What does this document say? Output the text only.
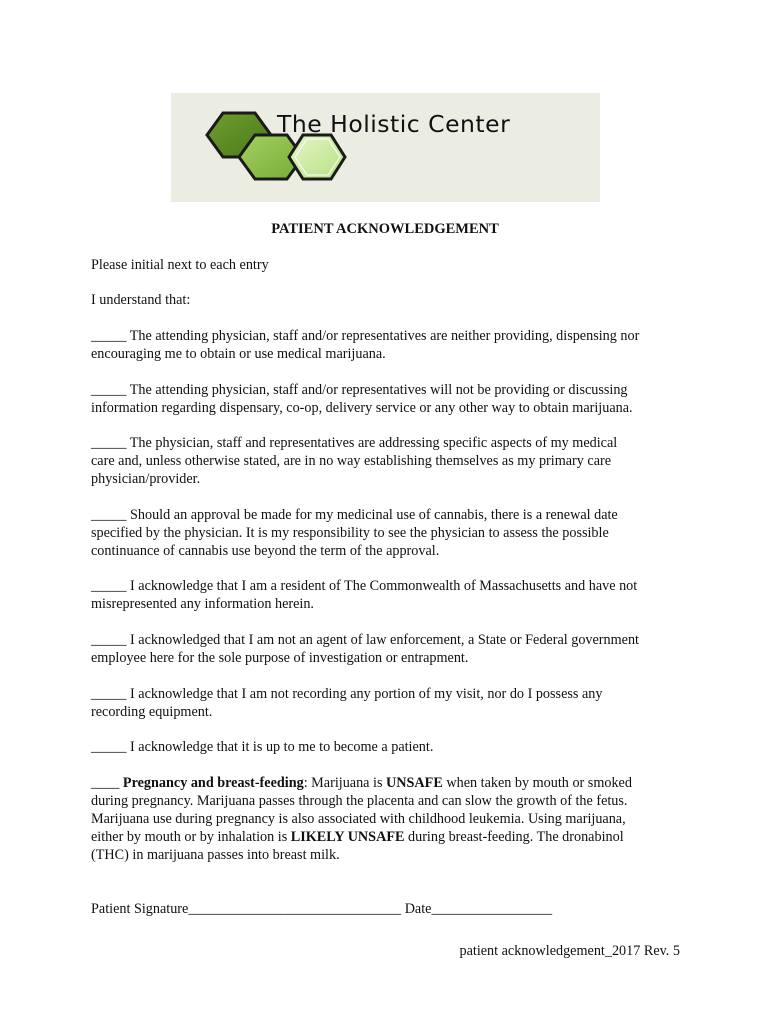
The Holistic Center
PATIENT ACKNOWLEDGEMENT
Please initial next to each entry
I understand that:
_____ The attending physician, staff and/or representatives are neither providing, dispensing nor
encouraging me to obtain or use medical marijuana.
_____ The attending physician, staff and/or representatives will not be providing or discussing
information regarding dispensary, co-op, delivery service or any other way to obtain marijuana.
_____ The physician, staff and representatives are addressing specific aspects of my medical
care and, unless otherwise stated, are in no way establishing themselves as my primary care
physician/provider.
_____ Should an approval be made for my medicinal use of cannabis, there is a renewal date
specified by the physician. It is my responsibility to see the physician to assess the possible
continuance of cannabis use beyond the term of the approval.
_____ I acknowledge that I am a resident of The Commonwealth of Massachusetts and have not
misrepresented any information herein.
_____ I acknowledged that I am not an agent of law enforcement, a State or Federal government
employee here for the sole purpose of investigation or entrapment.
_____ I acknowledge that I am not recording any portion of my visit, nor do I possess any
recording equipment.
_____ I acknowledge that it is up to me to become a patient.
____ Pregnancy and breast-feeding: Marijuana is UNSAFE when taken by mouth or smoked
during pregnancy. Marijuana passes through the placenta and can slow the growth of the fetus.
Marijuana use during pregnancy is also associated with childhood leukemia. Using marijuana,
either by mouth or by inhalation is LIKELY UNSAFE during breast-feeding. The dronabinol
(THC) in marijuana passes into breast milk.
Patient Signature______________________________ Date_________________
patient acknowledgement_2017 Rev. 5
